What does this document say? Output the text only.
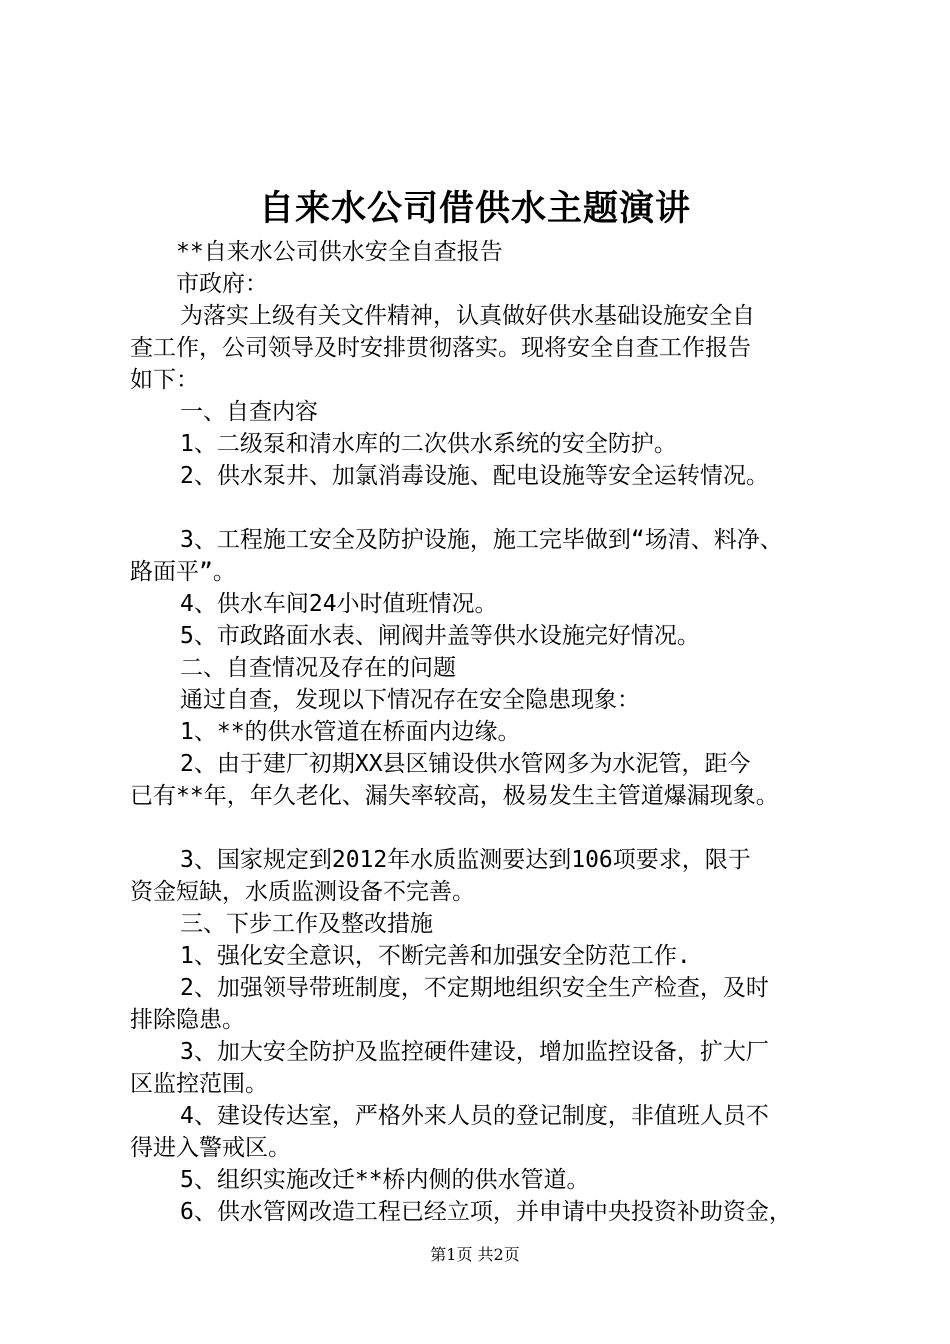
自来水公司借供水主题演讲

**自来水公司供水安全自查报告

市政府：

为落实上级有关文件精神，认真做好供水基础设施安全自

查工作，公司领导及时安排贯彻落实。现将安全自查工作报告

如下：

一、自查内容

1、二级泵和清水库的二次供水系统的安全防护。

2、供水泵井、加氯消毒设施、配电设施等安全运转情况。

3、工程施工安全及防护设施，施工完毕做到“场清、料净、

路面平”。

4、供水车间24小时值班情况。

5、市政路面水表、闸阀井盖等供水设施完好情况。

二、自查情况及存在的问题

通过自查，发现以下情况存在安全隐患现象：

1、**的供水管道在桥面内边缘。

2、由于建厂初期XX县区铺设供水管网多为水泥管，距今

已有**年，年久老化、漏失率较高，极易发生主管道爆漏现象。

3、国家规定到2012年水质监测要达到106项要求，限于

资金短缺，水质监测设备不完善。

三、下步工作及整改措施

1、强化安全意识，不断完善和加强安全防范工作.

2、加强领导带班制度，不定期地组织安全生产检查，及时

排除隐患。

3、加大安全防护及监控硬件建设，增加监控设备，扩大厂

区监控范围。

4、建设传达室，严格外来人员的登记制度，非值班人员不

得进入警戒区。

5、组织实施改迁**桥内侧的供水管道。

6、供水管网改造工程已经立项，并申请中央投资补助资金，

第1页 共2页
